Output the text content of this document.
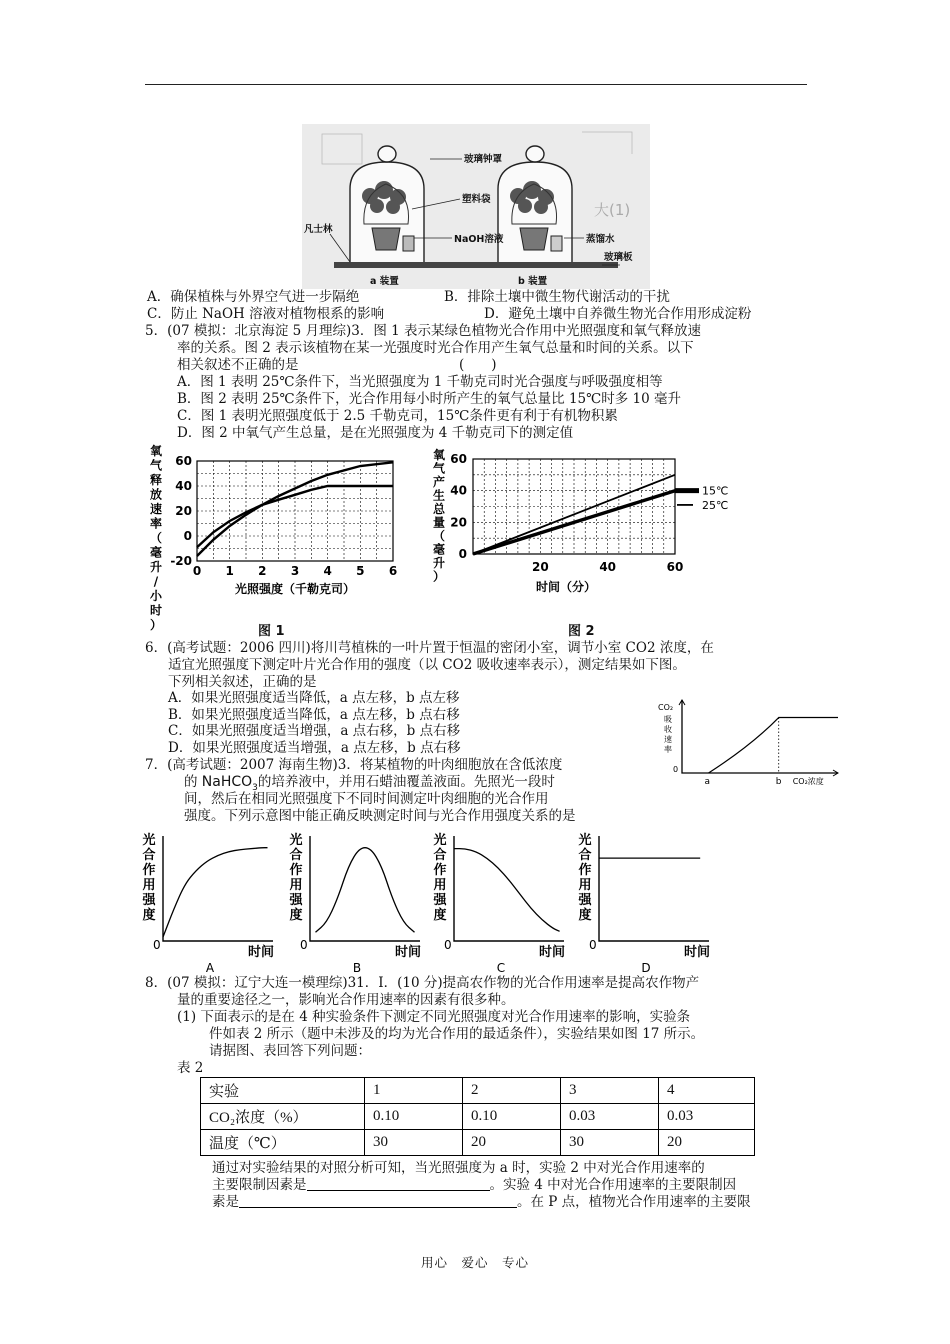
大(1)
玻璃钟罩
塑料袋
NaOH溶液
凡士林
蒸馏水
玻璃板
a 装置	b 装置
A．确保植株与外界空气进一步隔绝	B．排除土壤中微生物代谢活动的干扰
C．防止 NaOH 溶液对植物根系的影响	D．避免土壤中自养微生物光合作用形成淀粉
5．(07 模拟：北京海淀 5 月理综)3．图 1 表示某绿色植物光合作用中光照强度和氧气释放速
率的关系。图 2 表示该植物在某一光强度时光合作用产生氧气总量和时间的关系。以下
相关叙述不正确的是	(　　)
A．图 1 表明 25℃条件下，当光照强度为 1 千勒克司时光合强度与呼吸强度相等
B．图 2 表明 25℃条件下，光合作用每小时所产生的氧气总量比 15℃时多 10 毫升
C．图 1 表明光照强度低于 2.5 千勒克司，15℃条件更有利于有机物积累
D．图 2 中氧气产生总量，是在光照强度为 4 千勒克司下的测定值
0 1 2 3 4 5 6
-20
0
20
40
60
氧
气
释
放
速
率
（
毫
升
/
小
时
）
光照强度（千勒克司）
图 1
20	40	60
0
20
40
60
15℃
25℃
氧
气
产
生
总
量
（
毫
升
）
时间（分）
图 2
6．(高考试题：2006 四川)将川芎植株的一叶片置于恒温的密闭小室，调节小室 CO2 浓度，在
适宜光照强度下测定叶片光合作用的强度（以 CO2 吸收速率表示），测定结果如下图。
下列相关叙述，正确的是
A．如果光照强度适当降低，a 点左移，b 点左移
B．如果光照强度适当降低，a 点左移，b 点右移
C．如果光照强度适当增强，a 点右移，b 点右移
D．如果光照强度适当增强，a 点左移，b 点右移
a	b
0
CO₂浓度
CO₂
吸
收
速
率
7．(高考试题：2007 海南生物)3．将某植物的叶肉细胞放在含低浓度
的 NaHCO$_3$的培养液中，并用石蜡油覆盖液面。先照光一段时
间，然后在相同光照强度下不同时间测定叶肉细胞的光合作用
强度。下列示意图中能正确反映测定时间与光合作用强度关系的是
光
合
作
用
强
度
0	时间
A
光
合
作
用
强
度
0	时间
B
光
合
作
用
强
度
0	时间
C
光
合
作
用
强
度
0	时间
D
8．(07 模拟：辽宁大连一模理综)31．Ⅰ．(10 分)提高农作物的光合作用速率是提高农作物产
量的重要途径之一，影响光合作用速率的因素有很多种。
(1) 下面表示的是在 4 种实验条件下测定不同光照强度对光合作用速率的影响，实验条
件如表 2 所示（题中未涉及的均为光合作用的最适条件），实验结果如图 17 所示。
请据图、表回答下列问题：
表 2
实验	1	2	3	4
CO₂浓度（%）	0.10	0.10	0.03	0.03
温度（℃）	30	20	30	20
通过对实验结果的对照分析可知，当光照强度为 a 时，实验 2 中对光合作用速率的
主要限制因素是	。实验 4 中对光合作用速率的主要限制因
素是	。在 P 点，植物光合作用速率的主要限
用心　爱心　专心
